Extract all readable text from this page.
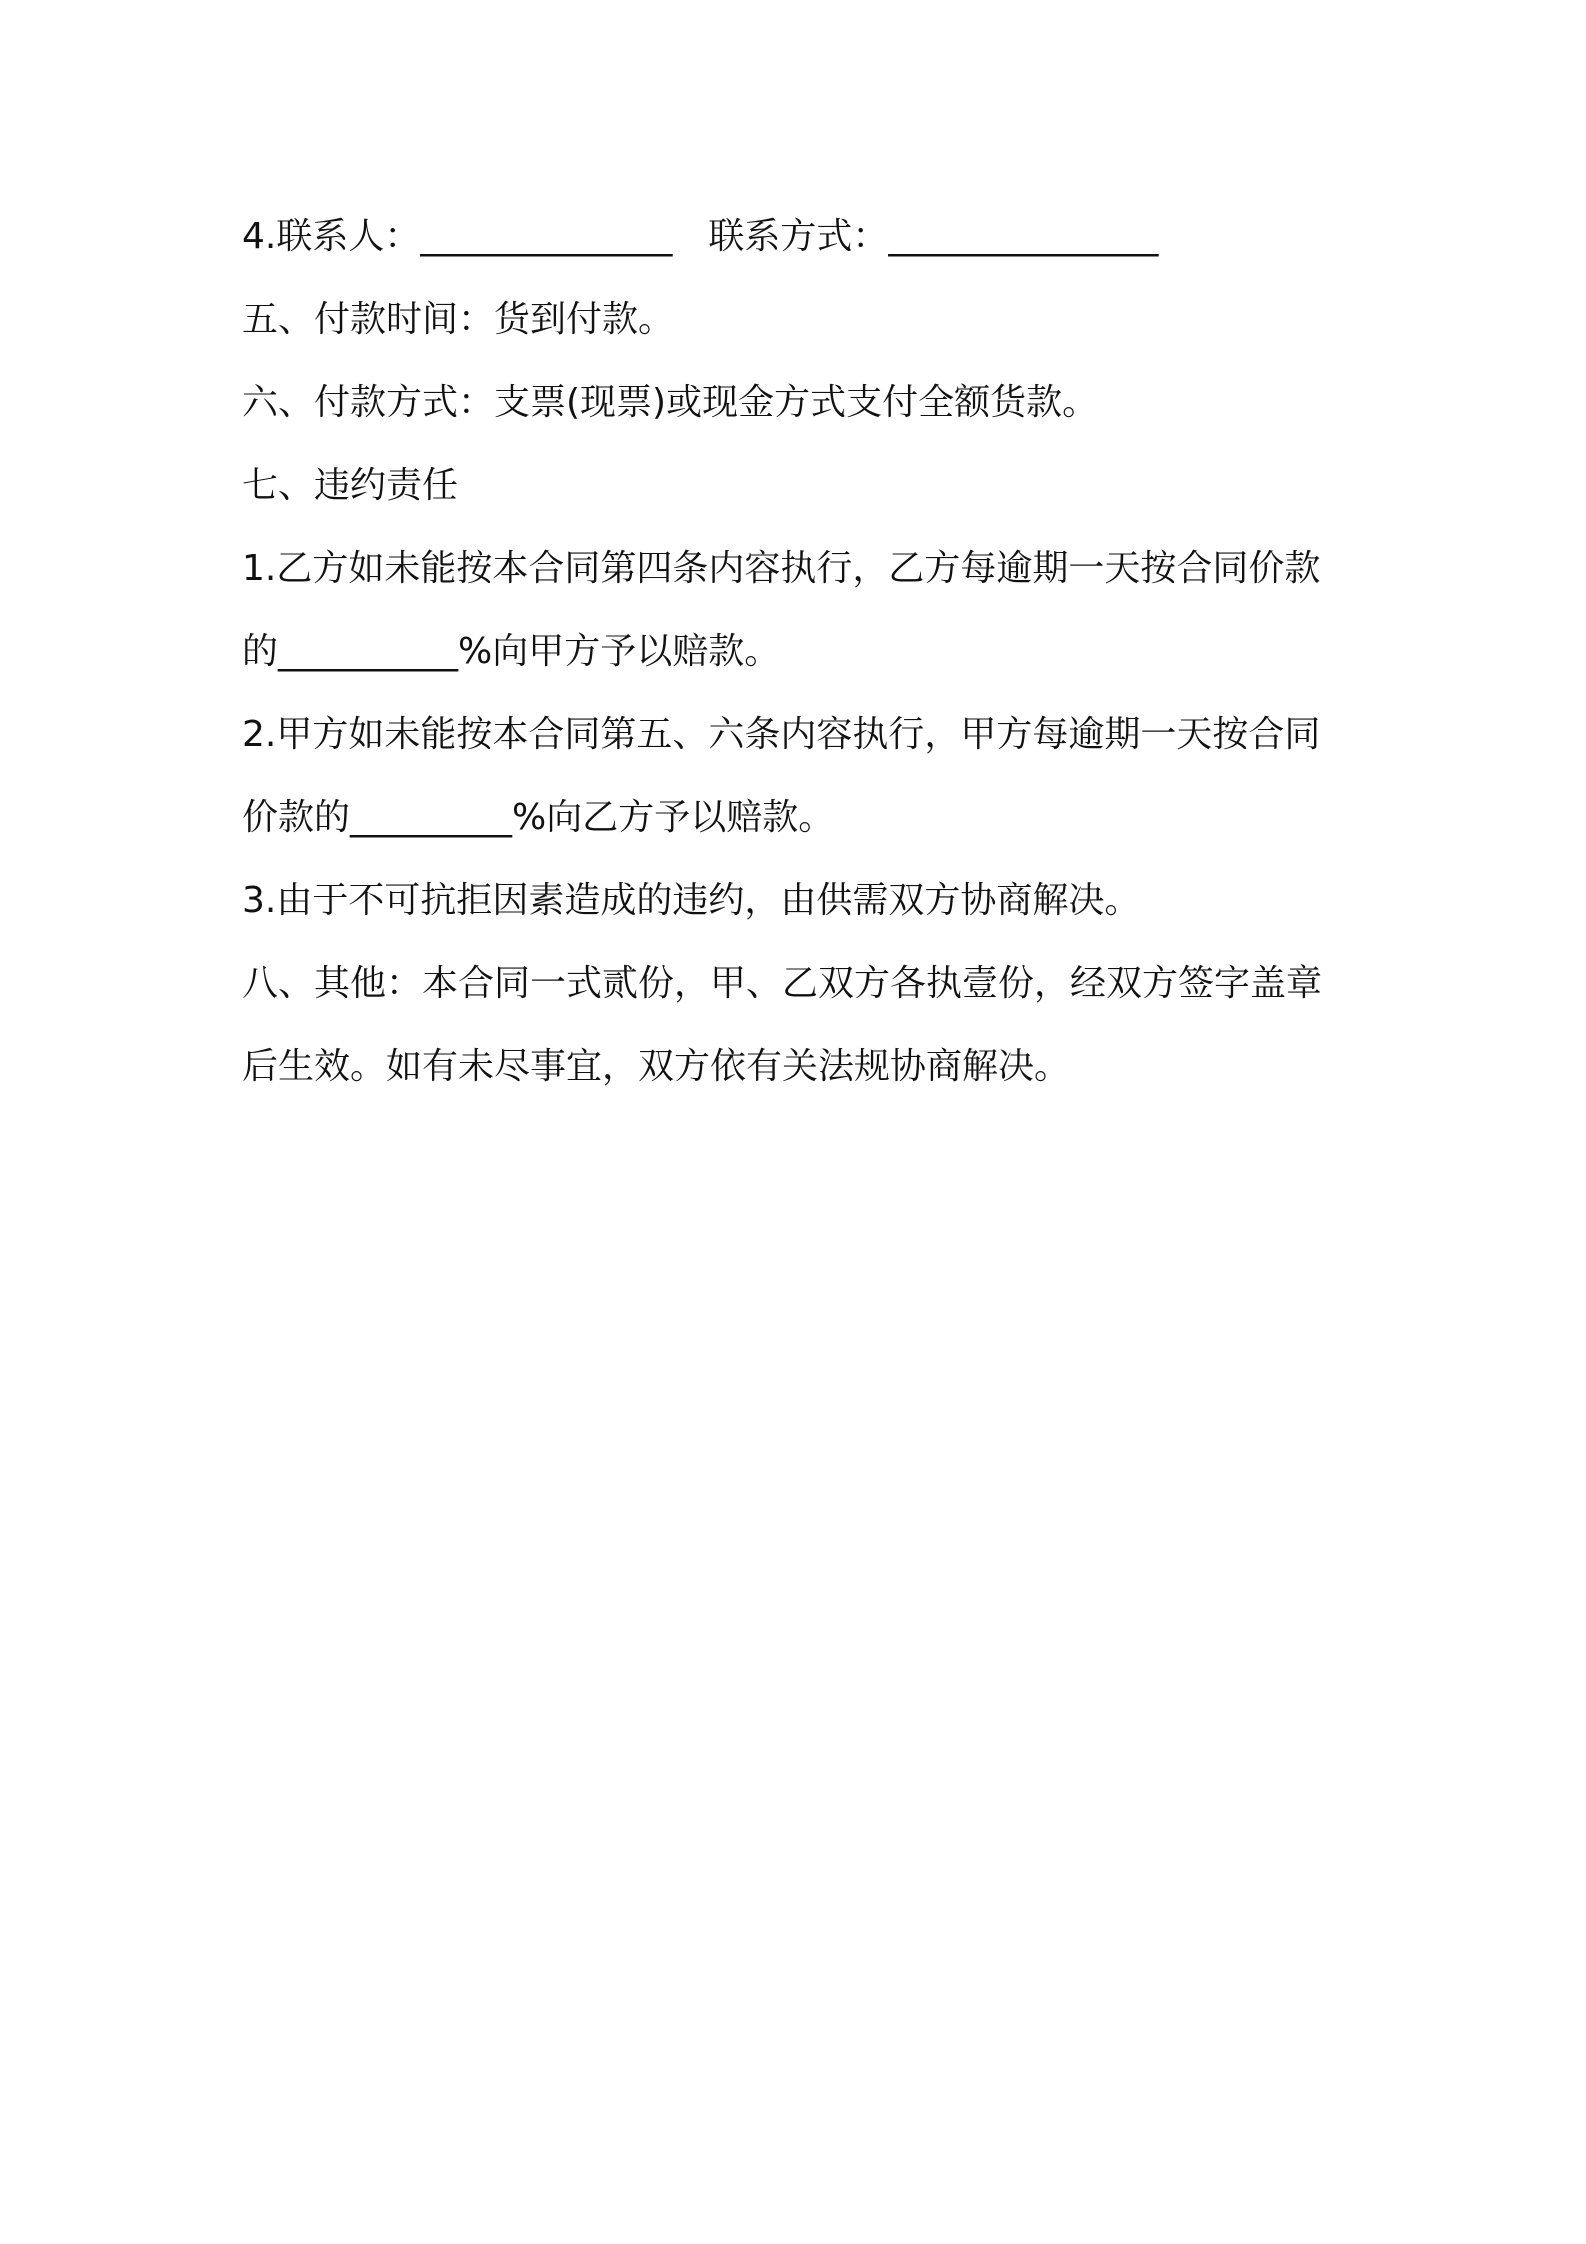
4.联系人：______________ 联系方式：_______________
五、付款时间：货到付款。
六、付款方式：支票(现票)或现金方式支付全额货款。
七、违约责任
1.乙方如未能按本合同第四条内容执行，乙方每逾期一天按合同价款
的__________%向甲方予以赔款。
2.甲方如未能按本合同第五、六条内容执行，甲方每逾期一天按合同
价款的_________%向乙方予以赔款。
3.由于不可抗拒因素造成的违约，由供需双方协商解决。
八、其他：本合同一式贰份，甲、乙双方各执壹份，经双方签字盖章
后生效。如有未尽事宜，双方依有关法规协商解决。
